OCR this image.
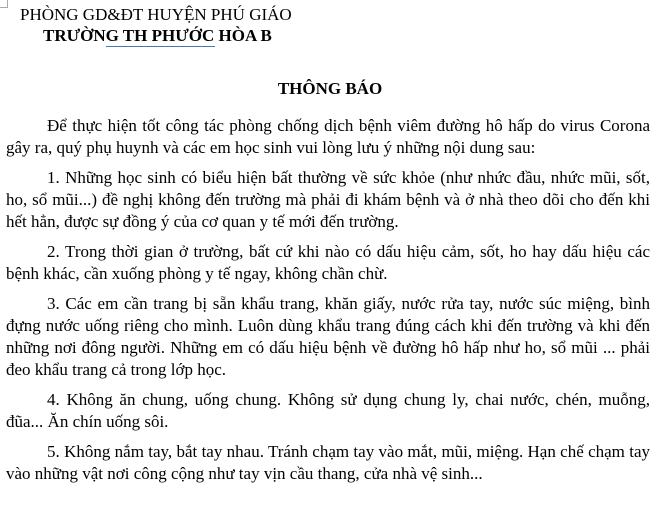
PHÒNG GD&ĐT HUYỆN PHÚ GIÁO
TRƯỜNG TH PHƯỚC HÒA B
THÔNG BÁO

Để thực hiện tốt công tác phòng chống dịch bệnh viêm đường hô hấp do virus Corona gây ra, quý phụ huynh và các em học sinh vui lòng lưu ý những nội dung sau:

1. Những học sinh có biểu hiện bất thường về sức khỏe (như nhức đầu, nhức mũi, sốt, ho, sổ mũi...) đề nghị không đến trường mà phải đi khám bệnh và ở nhà theo dõi cho đến khi hết hẳn, được sự đồng ý của cơ quan y tế mới đến trường.

2. Trong thời gian ở trường, bất cứ khi nào có dấu hiệu cảm, sốt, ho hay dấu hiệu các bệnh khác, cần xuống phòng y tế ngay, không chần chừ.

3. Các em cần trang bị sẵn khẩu trang, khăn giấy, nước rửa tay, nước súc miệng, bình đựng nước uống riêng cho mình. Luôn dùng khẩu trang đúng cách khi đến trường và khi đến những nơi đông người. Những em có dấu hiệu bệnh về đường hô hấp như ho, sổ mũi ... phải đeo khẩu trang cả trong lớp học.

4. Không ăn chung, uống chung. Không sử dụng chung ly, chai nước, chén, muỗng, đũa... Ăn chín uống sôi.

5. Không nắm tay, bắt tay nhau. Tránh chạm tay vào mắt, mũi, miệng. Hạn chế chạm tay vào những vật nơi công cộng như tay vịn cầu thang, cửa nhà vệ sinh...
